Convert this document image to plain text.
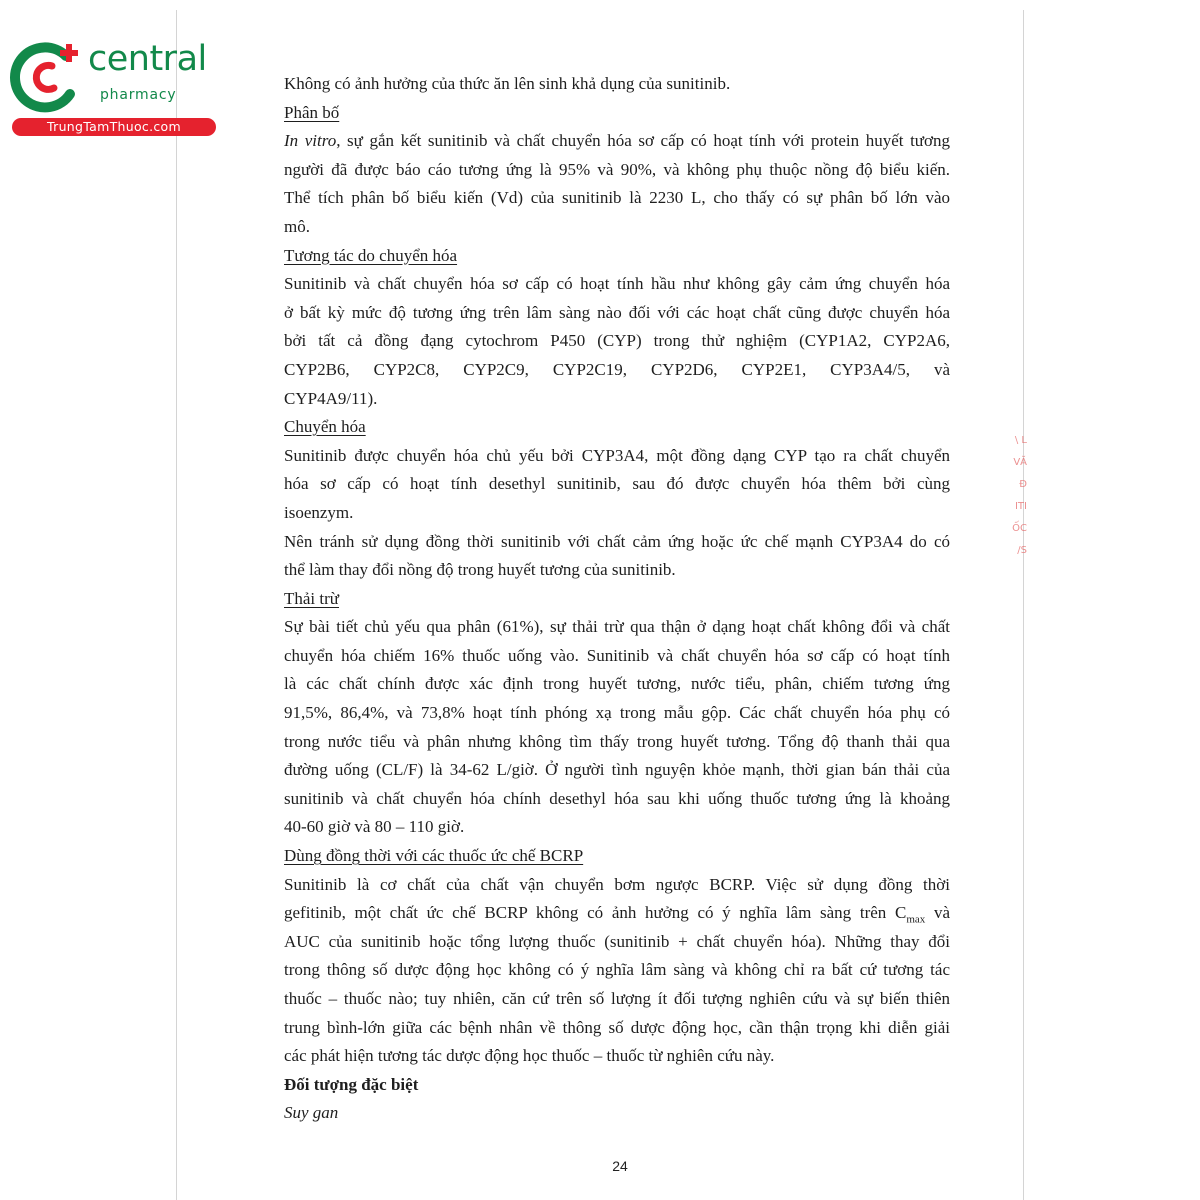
central
pharmacy
TrungTamThuoc.com
Không có ảnh hưởng của thức ăn lên sinh khả dụng của sunitinib.
Phân bố
In vitro, sự gắn kết sunitinib và chất chuyển hóa sơ cấp có hoạt tính với protein huyết tương
người đã được báo cáo tương ứng là 95% và 90%, và không phụ thuộc nồng độ biểu kiến.
Thể tích phân bố biểu kiến (Vd) của sunitinib là 2230 L, cho thấy có sự phân bố lớn vào
mô.
Tương tác do chuyển hóa
Sunitinib và chất chuyển hóa sơ cấp có hoạt tính hầu như không gây cảm ứng chuyển hóa
ở bất kỳ mức độ tương ứng trên lâm sàng nào đối với các hoạt chất cũng được chuyển hóa
bởi tất cả đồng đạng cytochrom P450 (CYP) trong thử nghiệm (CYP1A2, CYP2A6,
CYP2B6, CYP2C8, CYP2C9, CYP2C19, CYP2D6, CYP2E1, CYP3A4/5, và
CYP4A9/11).
Chuyển hóa
Sunitinib được chuyển hóa chủ yếu bởi CYP3A4, một đồng dạng CYP tạo ra chất chuyển
hóa sơ cấp có hoạt tính desethyl sunitinib, sau đó được chuyển hóa thêm bởi cùng
isoenzym.
Nên tránh sử dụng đồng thời sunitinib với chất cảm ứng hoặc ức chế mạnh CYP3A4 do có
thể làm thay đổi nồng độ trong huyết tương của sunitinib.
Thải trừ
Sự bài tiết chủ yếu qua phân (61%), sự thải trừ qua thận ở dạng hoạt chất không đổi và chất
chuyển hóa chiếm 16% thuốc uống vào. Sunitinib và chất chuyển hóa sơ cấp có hoạt tính
là các chất chính được xác định trong huyết tương, nước tiểu, phân, chiếm tương ứng
91,5%, 86,4%, và 73,8% hoạt tính phóng xạ trong mẫu gộp. Các chất chuyển hóa phụ có
trong nước tiểu và phân nhưng không tìm thấy trong huyết tương. Tổng độ thanh thải qua
đường uống (CL/F) là 34-62 L/giờ. Ở người tình nguyện khỏe mạnh, thời gian bán thải của
sunitinib và chất chuyển hóa chính desethyl hóa sau khi uống thuốc tương ứng là khoảng
40-60 giờ và 80 – 110 giờ.
Dùng đồng thời với các thuốc ức chế BCRP
Sunitinib là cơ chất của chất vận chuyển bơm ngược BCRP. Việc sử dụng đồng thời
gefitinib, một chất ức chế BCRP không có ảnh hưởng có ý nghĩa lâm sàng trên $C_{max}$ và
AUC của sunitinib hoặc tổng lượng thuốc (sunitinib + chất chuyển hóa). Những thay đổi
trong thông số dược động học không có ý nghĩa lâm sàng và không chỉ ra bất cứ tương tác
thuốc – thuốc nào; tuy nhiên, căn cứ trên số lượng ít đối tượng nghiên cứu và sự biến thiên
trung bình-lớn giữa các bệnh nhân về thông số dược động học, cần thận trọng khi diễn giải
các phát hiện tương tác dược động học thuốc – thuốc từ nghiên cứu này.
Đối tượng đặc biệt
Suy gan
\ L
VĂ
Đ
ITI
ỐC
/S
24
